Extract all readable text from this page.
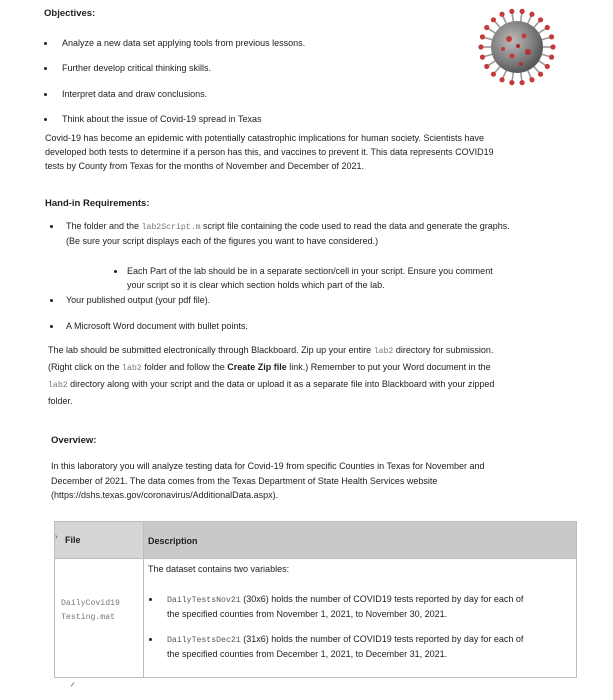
Objectives:
Analyze a new data set applying tools from previous lessons.
Further develop critical thinking skills.
Interpret data and draw conclusions.
Think about the issue of Covid-19 spread in Texas
Covid-19 has become an epidemic with potentially catastrophic implications for human society. Scientists have
developed both tests to determine if a person has this, and vaccines to prevent it. This data represents COVID19
tests by County from Texas for the months of November and December of 2021.
Hand-in Requirements:
The folder and the lab2Script.m script file containing the code used to read the data and generate the graphs.
(Be sure your script displays each of the figures you want to have considered.)
Each Part of the lab should be in a separate section/cell in your script. Ensure you comment
your script so it is clear which section holds which part of the lab.
Your published output (your pdf file).
A Microsoft Word document with bullet points.
The lab should be submitted electronically through Blackboard. Zip up your entire lab2 directory for submission.
(Right click on the lab2 folder and follow the Create Zip file link.) Remember to put your Word document in the
lab2 directory along with your script and the data or upload it as a separate file into Blackboard with your zipped
folder.
Overview:
In this laboratory you will analyze testing data for Covid-19 from specific Counties in Texas for November and
December of 2021. The data comes from the Texas Department of State Health Services website
(https://dshs.texas.gov/coronavirus/AdditionalData.aspx).
› File	Description
DailyCovid19
Testing.mat
The dataset contains two variables:
DailyTestsNov21 (30x6) holds the number of COVID19 tests reported by day for each of
the specified counties from November 1, 2021, to November 30, 2021.
DailyTestsDec21 (31x6) holds the number of COVID19 tests reported by day for each of
the specified counties from December 1, 2021, to December 31, 2021.
